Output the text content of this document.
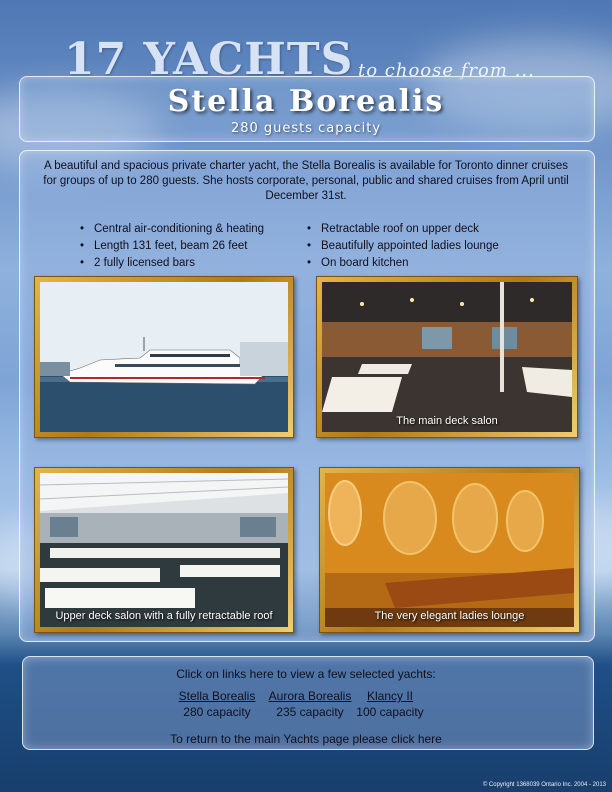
17 YACHTS to choose from ...
Stella Borealis
280 guests capacity
A beautiful and spacious private charter yacht, the Stella Borealis is available for Toronto dinner cruises for groups of up to 280 guests. She hosts corporate, personal, public and shared cruises from April until December 31st.
• Central air-conditioning & heating
• Length 131 feet, beam 26 feet
• 2 fully licensed bars
• Retractable roof on upper deck
• Beautifully appointed ladies lounge
• On board kitchen
The main deck salon
Upper deck salon with a fully retractable roof	The very elegant ladies lounge
Click on links here to view a few selected yachts:
Stella Borealis
280 capacity
Aurora Borealis
235 capacity
Klancy II
100 capacity
To return to the main Yachts page please click here
© Copyright 1368039 Ontario Inc. 2004 - 2013
